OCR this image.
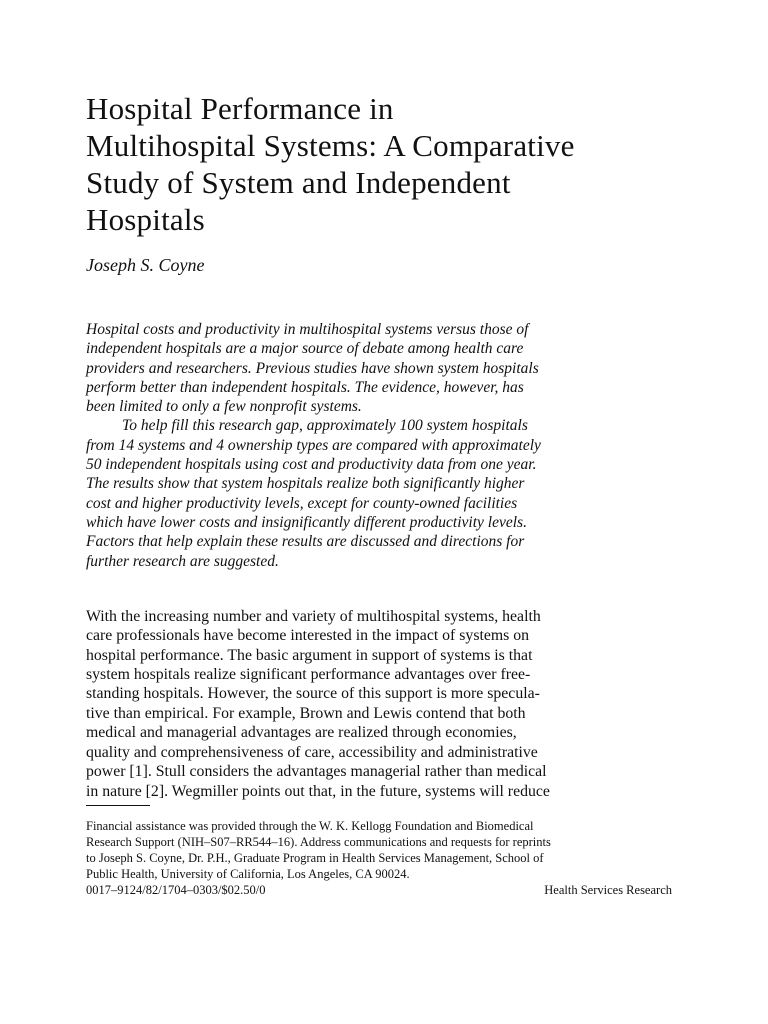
Hospital Performance in
Multihospital Systems: A Comparative
Study of System and Independent
Hospitals

Joseph S. Coyne

Hospital costs and productivity in multihospital systems versus those of
independent hospitals are a major source of debate among health care
providers and researchers. Previous studies have shown system hospitals
perform better than independent hospitals. The evidence, however, has
been limited to only a few nonprofit systems.
To help fill this research gap, approximately 100 system hospitals
from 14 systems and 4 ownership types are compared with approximately
50 independent hospitals using cost and productivity data from one year.
The results show that system hospitals realize both significantly higher
cost and higher productivity levels, except for county-owned facilities
which have lower costs and insignificantly different productivity levels.
Factors that help explain these results are discussed and directions for
further research are suggested.
With the increasing number and variety of multihospital systems, health
care professionals have become interested in the impact of systems on
hospital performance. The basic argument in support of systems is that
system hospitals realize significant performance advantages over free-
standing hospitals. However, the source of this support is more specula-
tive than empirical. For example, Brown and Lewis contend that both
medical and managerial advantages are realized through economies,
quality and comprehensiveness of care, accessibility and administrative
power [1]. Stull considers the advantages managerial rather than medical
in nature [2]. Wegmiller points out that, in the future, systems will reduce
Financial assistance was provided through the W. K. Kellogg Foundation and Biomedical
Research Support (NIH–S07–RR544–16). Address communications and requests for reprints
to Joseph S. Coyne, Dr. P.H., Graduate Program in Health Services Management, School of
Public Health, University of California, Los Angeles, CA 90024.
0017–9124/82/1704–0303/$02.50/0	Health Services Research
